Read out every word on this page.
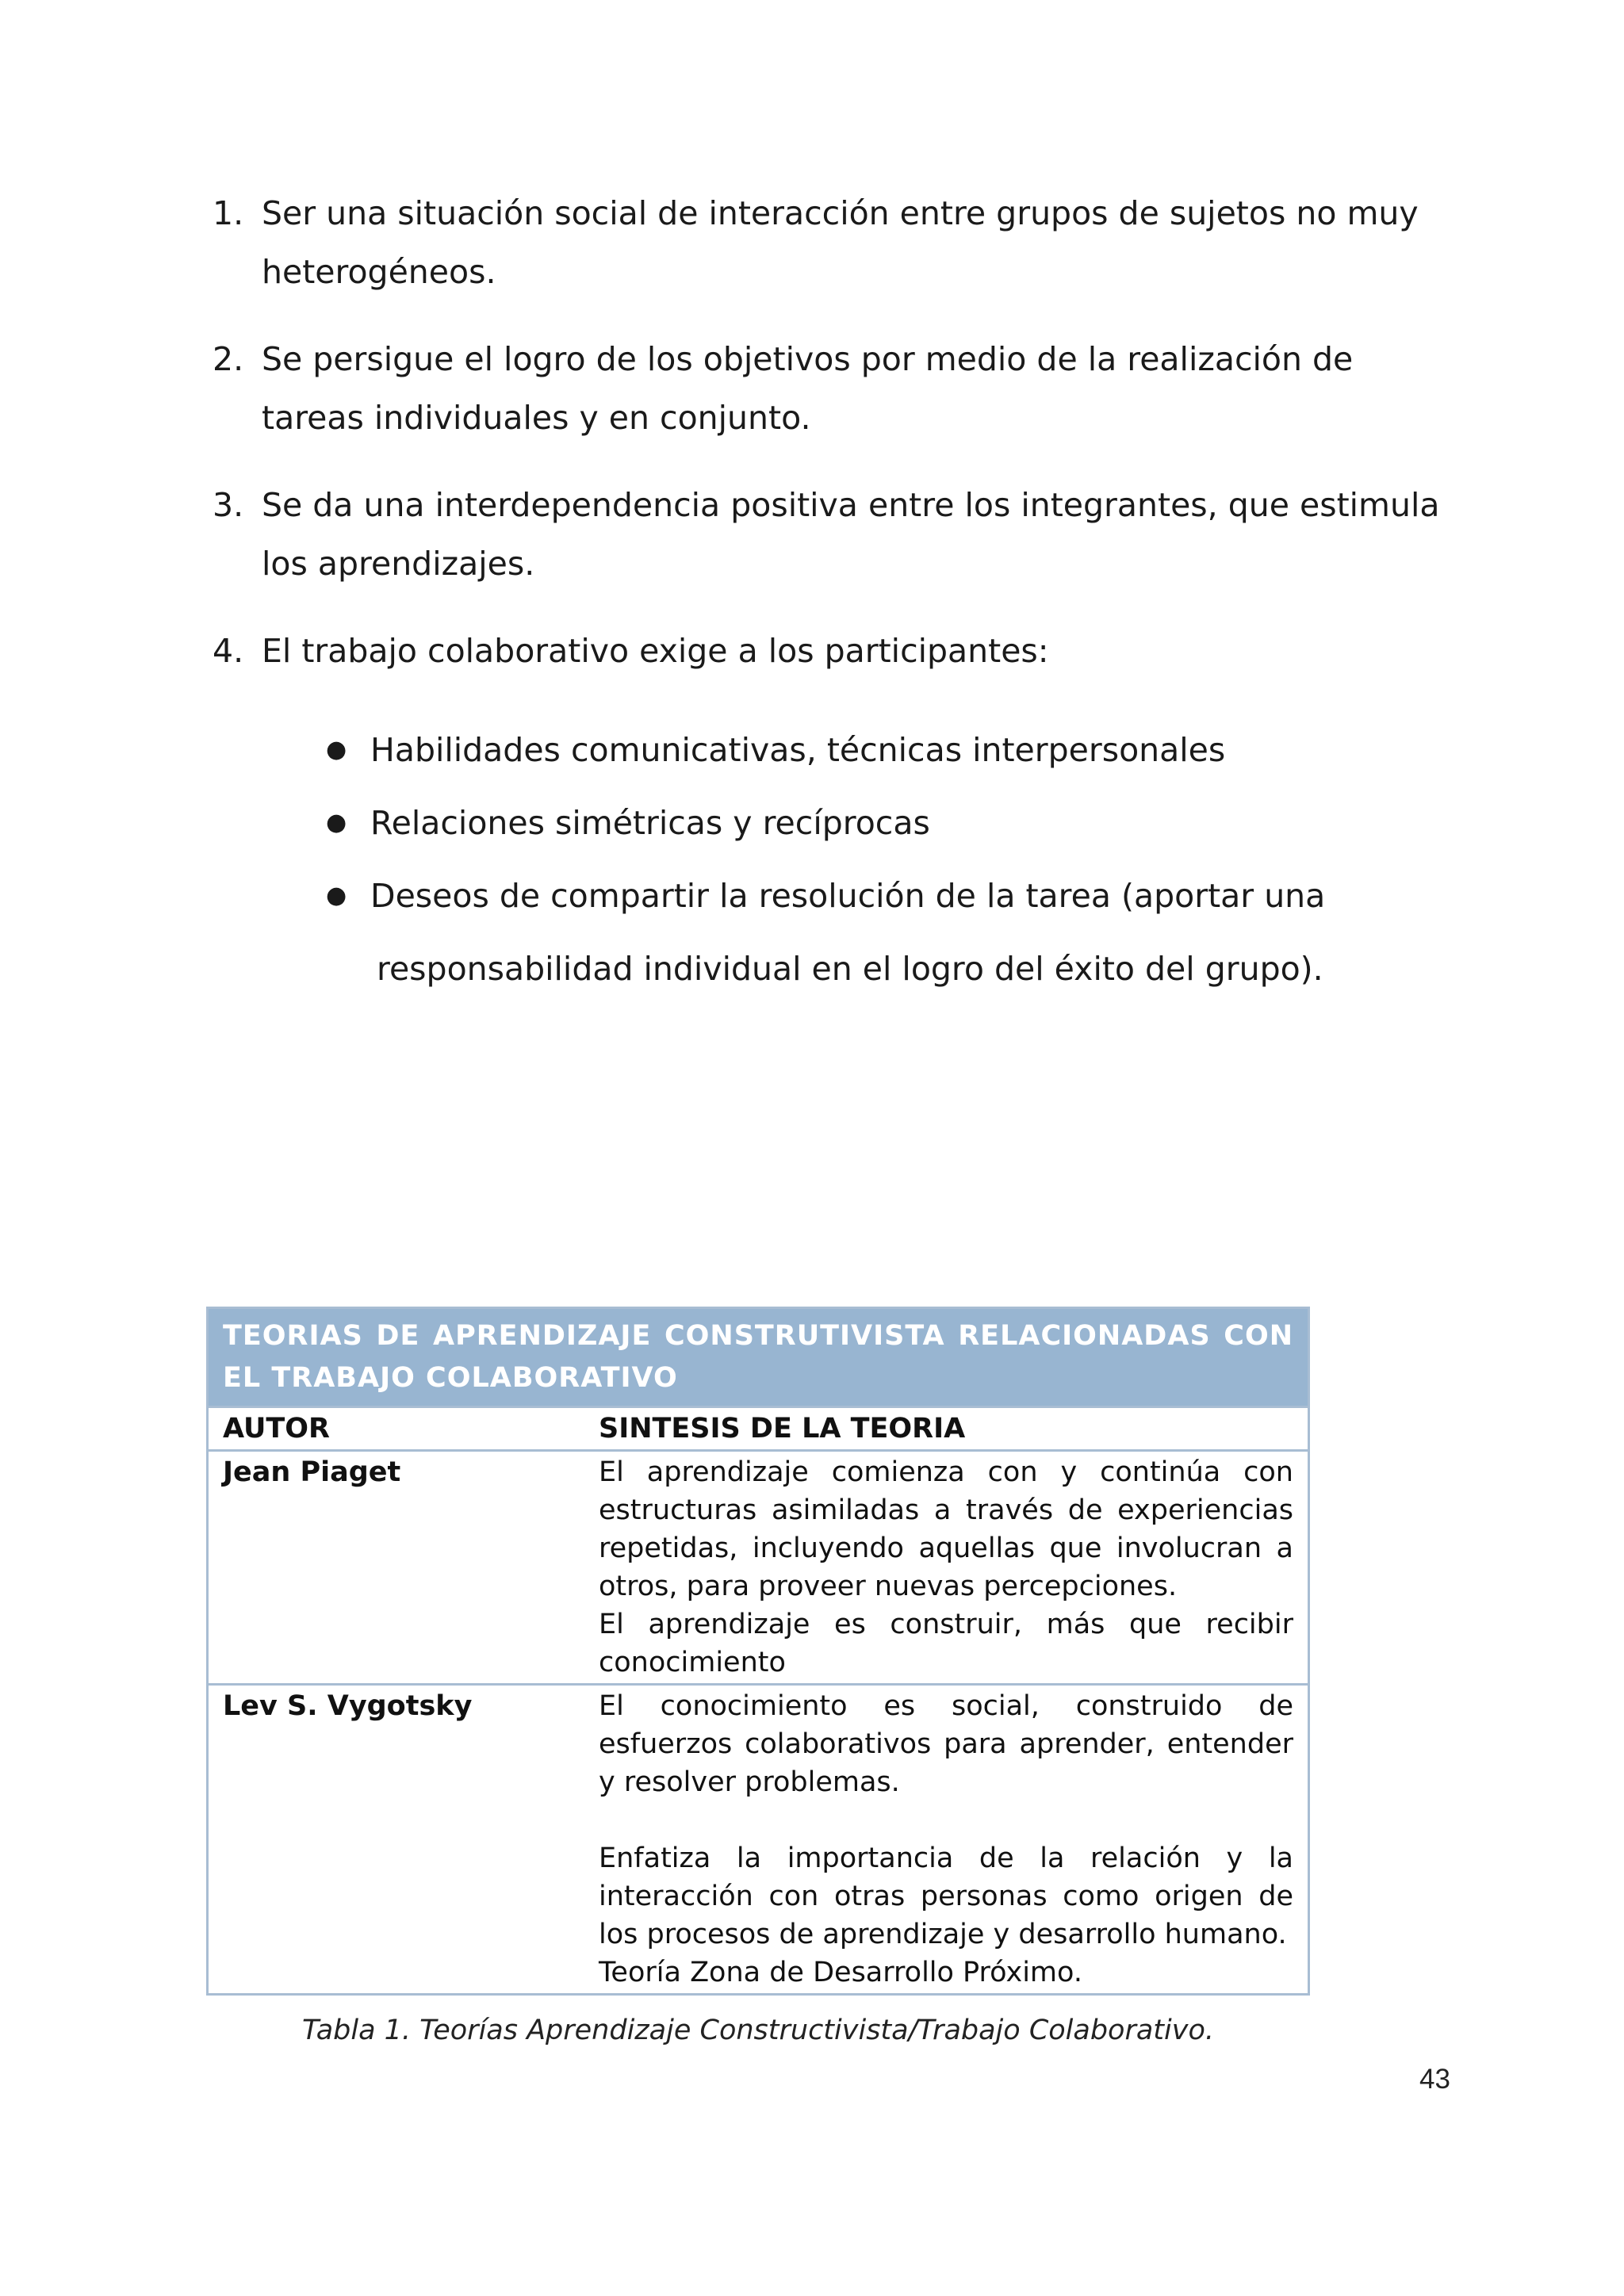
1. Ser una situación social de interacción entre grupos de sujetos no muy heterogéneos.
2. Se persigue el logro de los objetivos por medio de la realización de tareas individuales y en conjunto.
3. Se da una interdependencia positiva entre los integrantes, que estimula los aprendizajes.
4. El trabajo colaborativo exige a los participantes:
● Habilidades comunicativas, técnicas interpersonales
● Relaciones simétricas y recíprocas
● Deseos de compartir la resolución de la tarea (aportar una
responsabilidad individual en el logro del éxito del grupo).
TEORIAS DE APRENDIZAJE CONSTRUTIVISTA RELACIONADAS CON EL TRABAJO COLABORATIVO
AUTOR	SINTESIS DE LA TEORIA
Jean Piaget	El aprendizaje comienza con y continúa con estructuras asimiladas a través de experiencias repetidas, incluyendo aquellas que involucran a otros, para proveer nuevas percepciones.

El aprendizaje es construir, más que recibir conocimiento

Lev S. Vygotsky	El conocimiento es social, construido de esfuerzos colaborativos para aprender, entender y resolver problemas.

Enfatiza la importancia de la relación y la interacción con otras personas como origen de los procesos de aprendizaje y desarrollo humano.

Teoría Zona de Desarrollo Próximo.

Tabla 1. Teorías Aprendizaje Constructivista/Trabajo Colaborativo.
43
